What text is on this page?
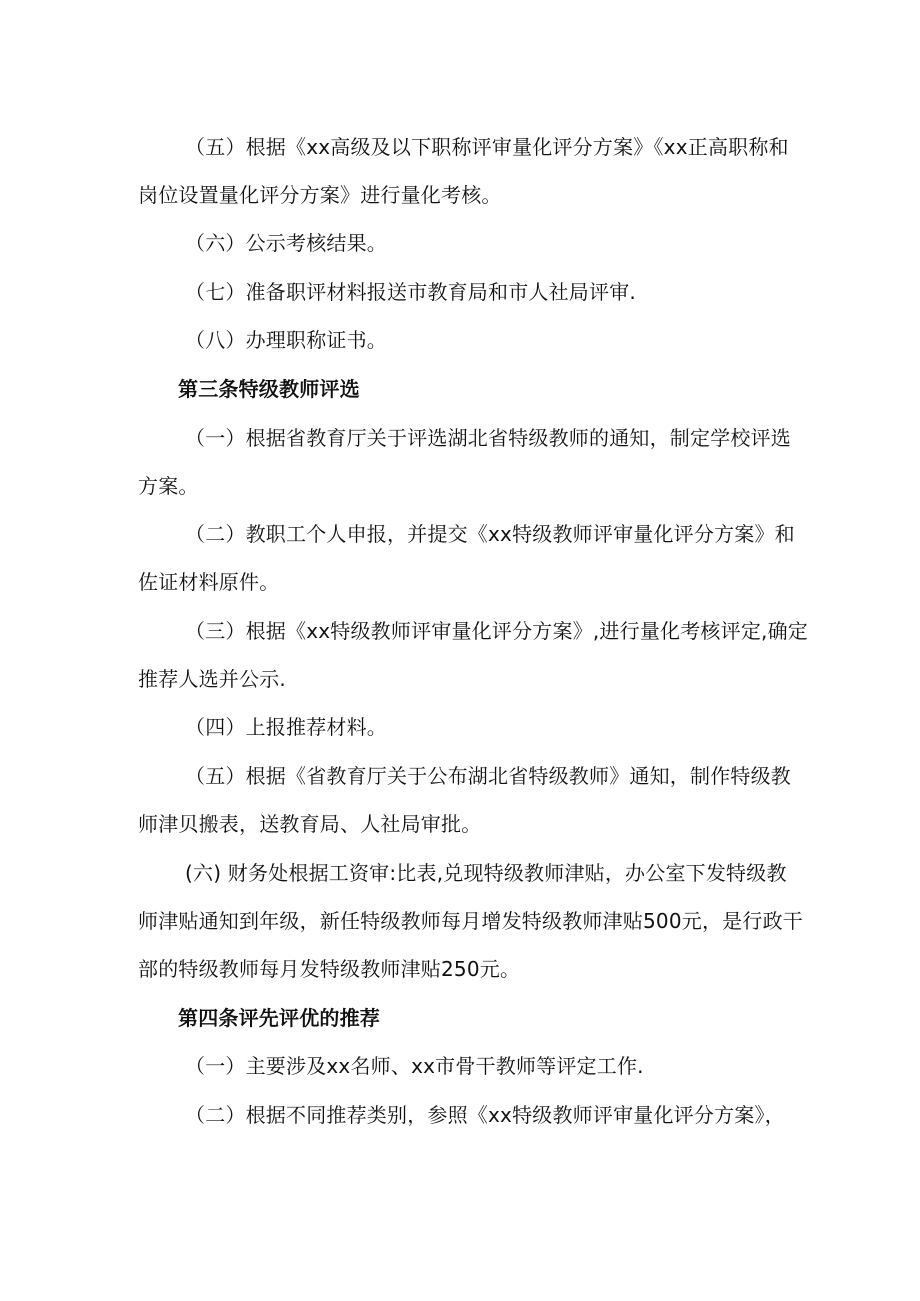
（五）根据《xx高级及以下职称评审量化评分方案》《xx正高职称和
岗位设置量化评分方案》进行量化考核。
（六）公示考核结果。
（七）准备职评材料报送市教育局和市人社局评审.
（八）办理职称证书。
第三条特级教师评选
（一）根据省教育厅关于评选湖北省特级教师的通知，制定学校评选
方案。
（二）教职工个人申报，并提交《xx特级教师评审量化评分方案》和
佐证材料原件。
（三）根据《xx特级教师评审量化评分方案》,进行量化考核评定,确定
推荐人选并公示.
（四）上报推荐材料。
（五）根据《省教育厅关于公布湖北省特级教师》通知，制作特级教
师津贝搬表，送教育局、人社局审批。
(六) 财务处根据工资审:比表,兑现特级教师津贴，办公室下发特级教
师津贴通知到年级，新任特级教师每月增发特级教师津贴500元，是行政干
部的特级教师每月发特级教师津贴250元。
第四条评先评优的推荐
（一）主要涉及xx名师、xx市骨干教师等评定工作.
（二）根据不同推荐类别，参照《xx特级教师评审量化评分方案》，
